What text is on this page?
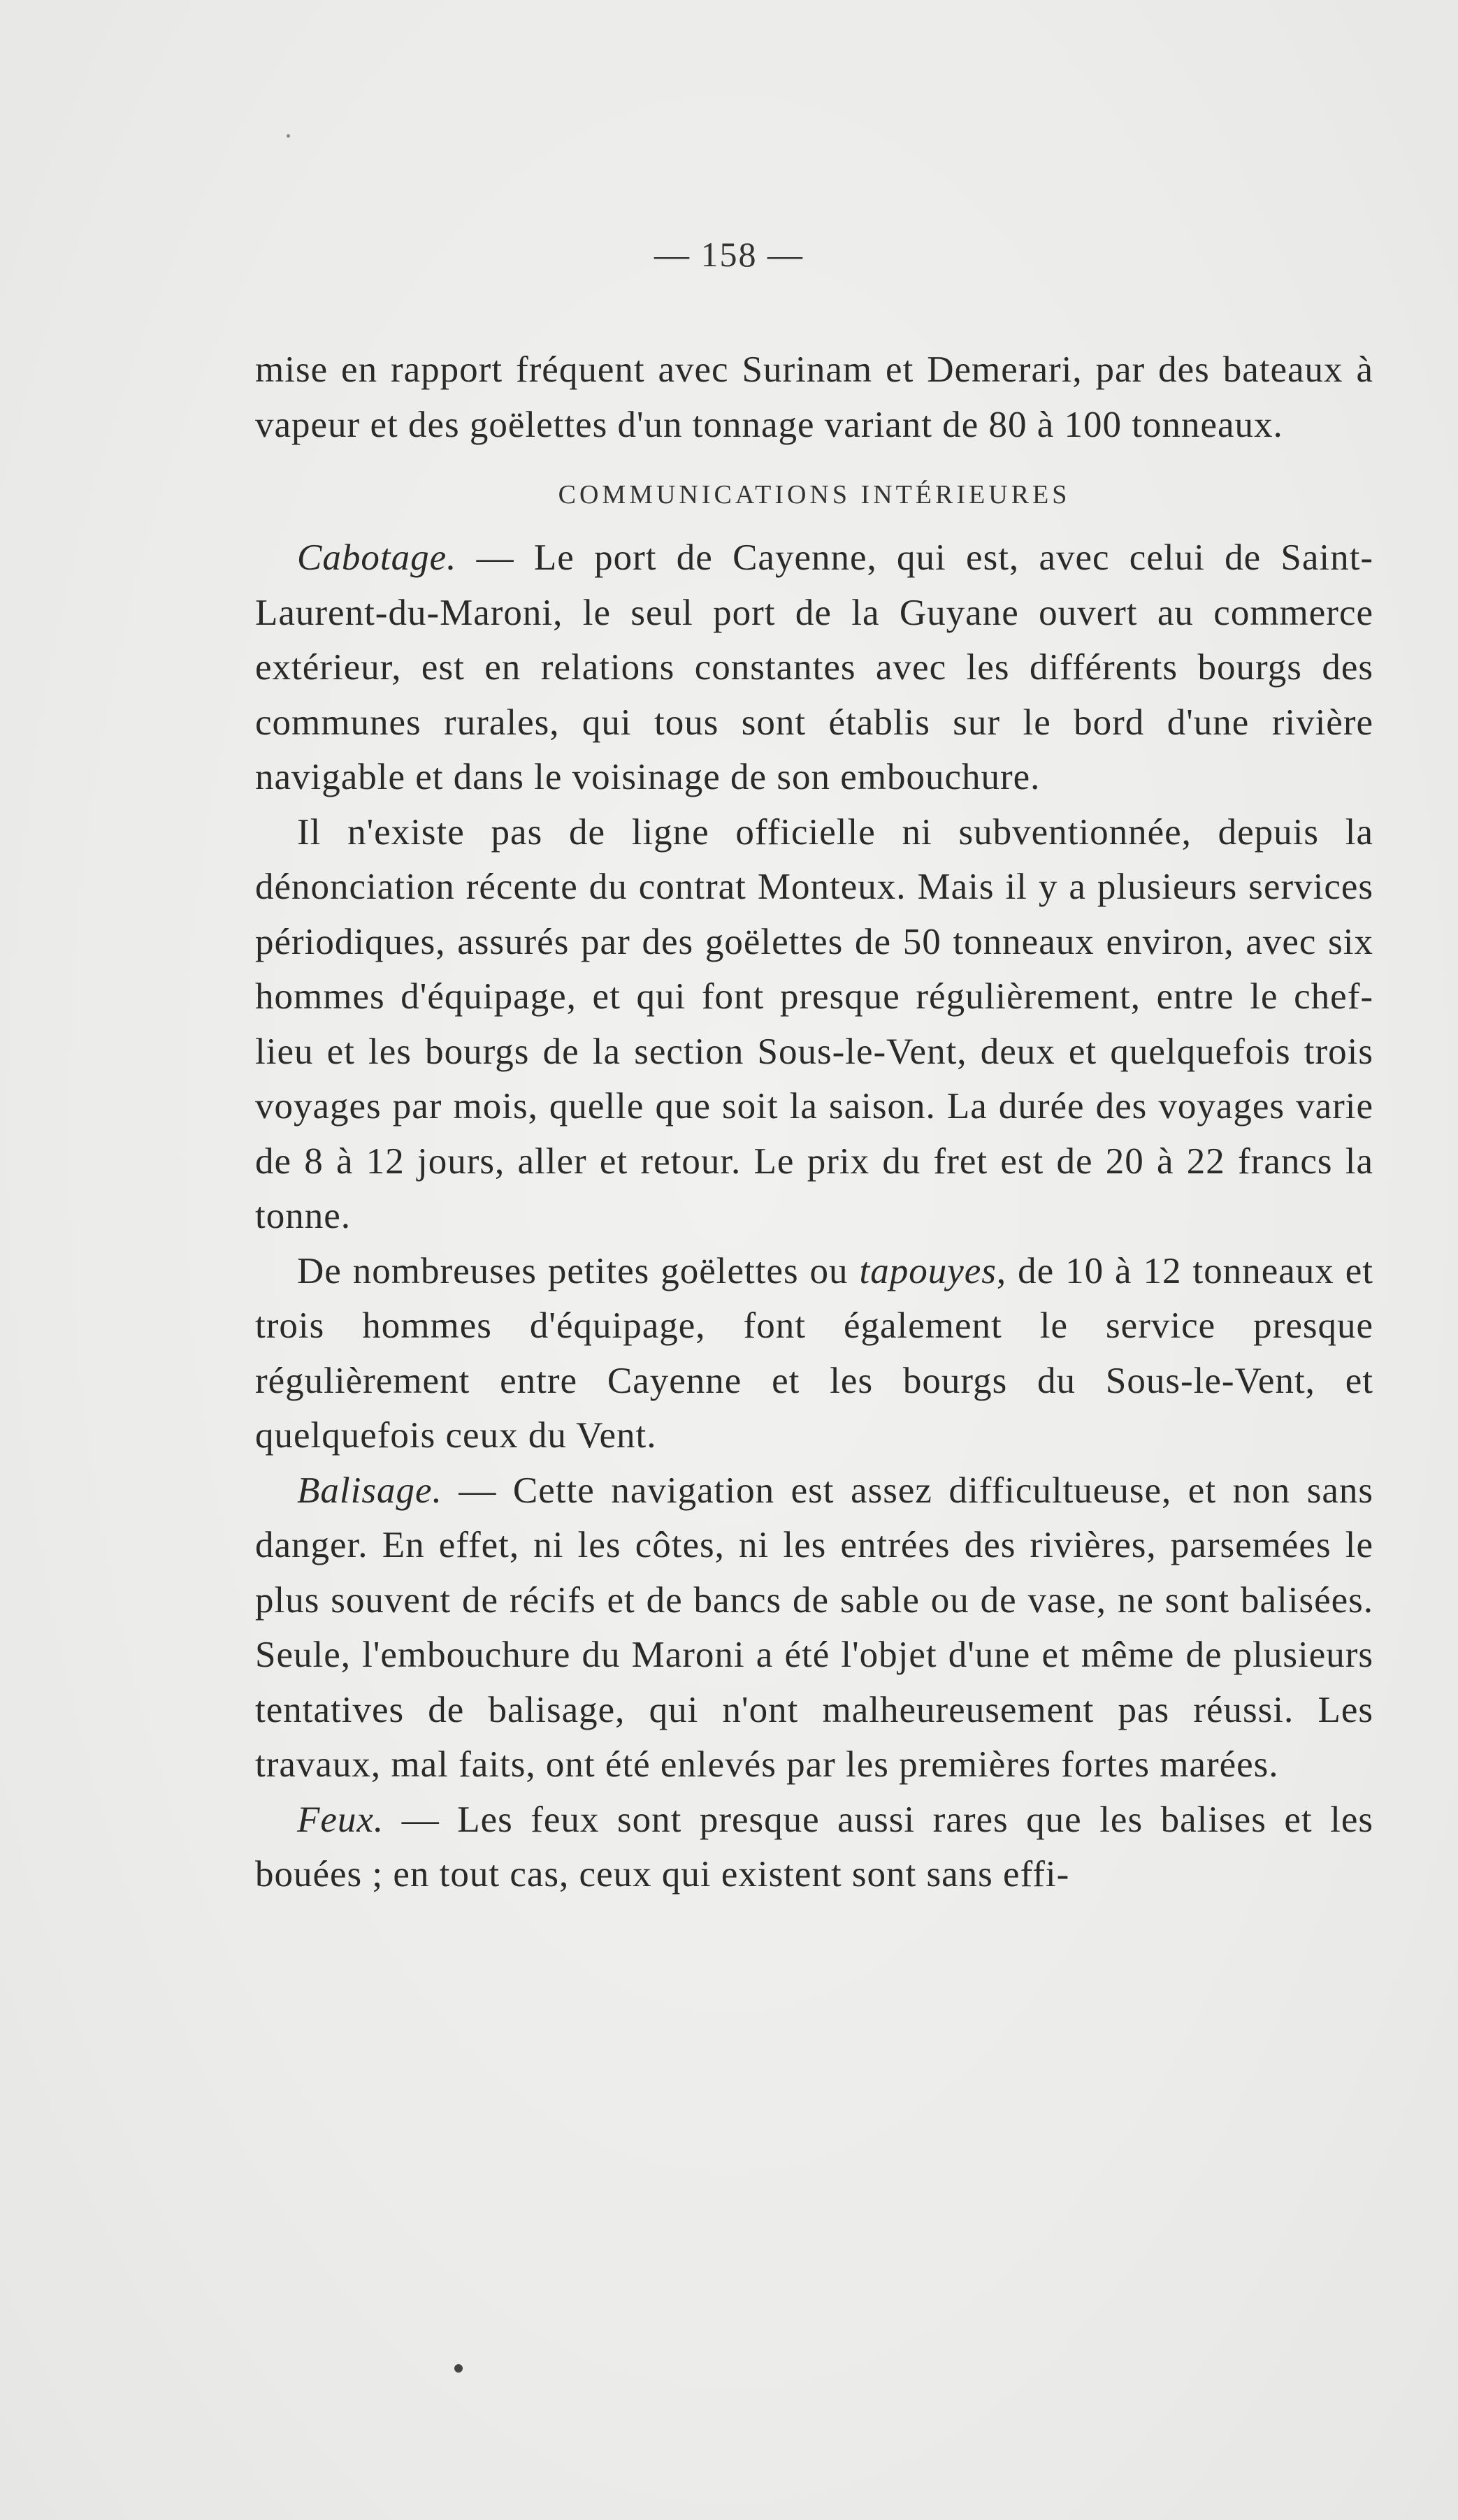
— 158 —

mise en rapport fréquent avec Surinam et Demerari, par des bateaux à vapeur et des goëlettes d'un tonnage variant de 80 à 100 tonneaux.

COMMUNICATIONS INTÉRIEURES

Cabotage. — Le port de Cayenne, qui est, avec celui de Saint-Laurent-du-Maroni, le seul port de la Guyane ouvert au commerce extérieur, est en relations constantes avec les différents bourgs des communes rurales, qui tous sont établis sur le bord d'une rivière navigable et dans le voisinage de son embouchure.

Il n'existe pas de ligne officielle ni subventionnée, depuis la dénonciation récente du contrat Monteux. Mais il y a plusieurs services périodiques, assurés par des goëlettes de 50 tonneaux environ, avec six hommes d'équipage, et qui font presque régulièrement, entre le chef-lieu et les bourgs de la section Sous-le-Vent, deux et quelquefois trois voyages par mois, quelle que soit la saison. La durée des voyages varie de 8 à 12 jours, aller et retour. Le prix du fret est de 20 à 22 francs la tonne.

De nombreuses petites goëlettes ou tapouyes, de 10 à 12 tonneaux et trois hommes d'équipage, font également le service presque régulièrement entre Cayenne et les bourgs du Sous-le-Vent, et quelquefois ceux du Vent.

Balisage. — Cette navigation est assez difficultueuse, et non sans danger. En effet, ni les côtes, ni les entrées des rivières, parsemées le plus souvent de récifs et de bancs de sable ou de vase, ne sont balisées. Seule, l'embouchure du Maroni a été l'objet d'une et même de plusieurs tentatives de balisage, qui n'ont malheureusement pas réussi. Les travaux, mal faits, ont été enlevés par les premières fortes marées.

Feux. — Les feux sont presque aussi rares que les balises et les bouées ; en tout cas, ceux qui existent sont sans effi-
